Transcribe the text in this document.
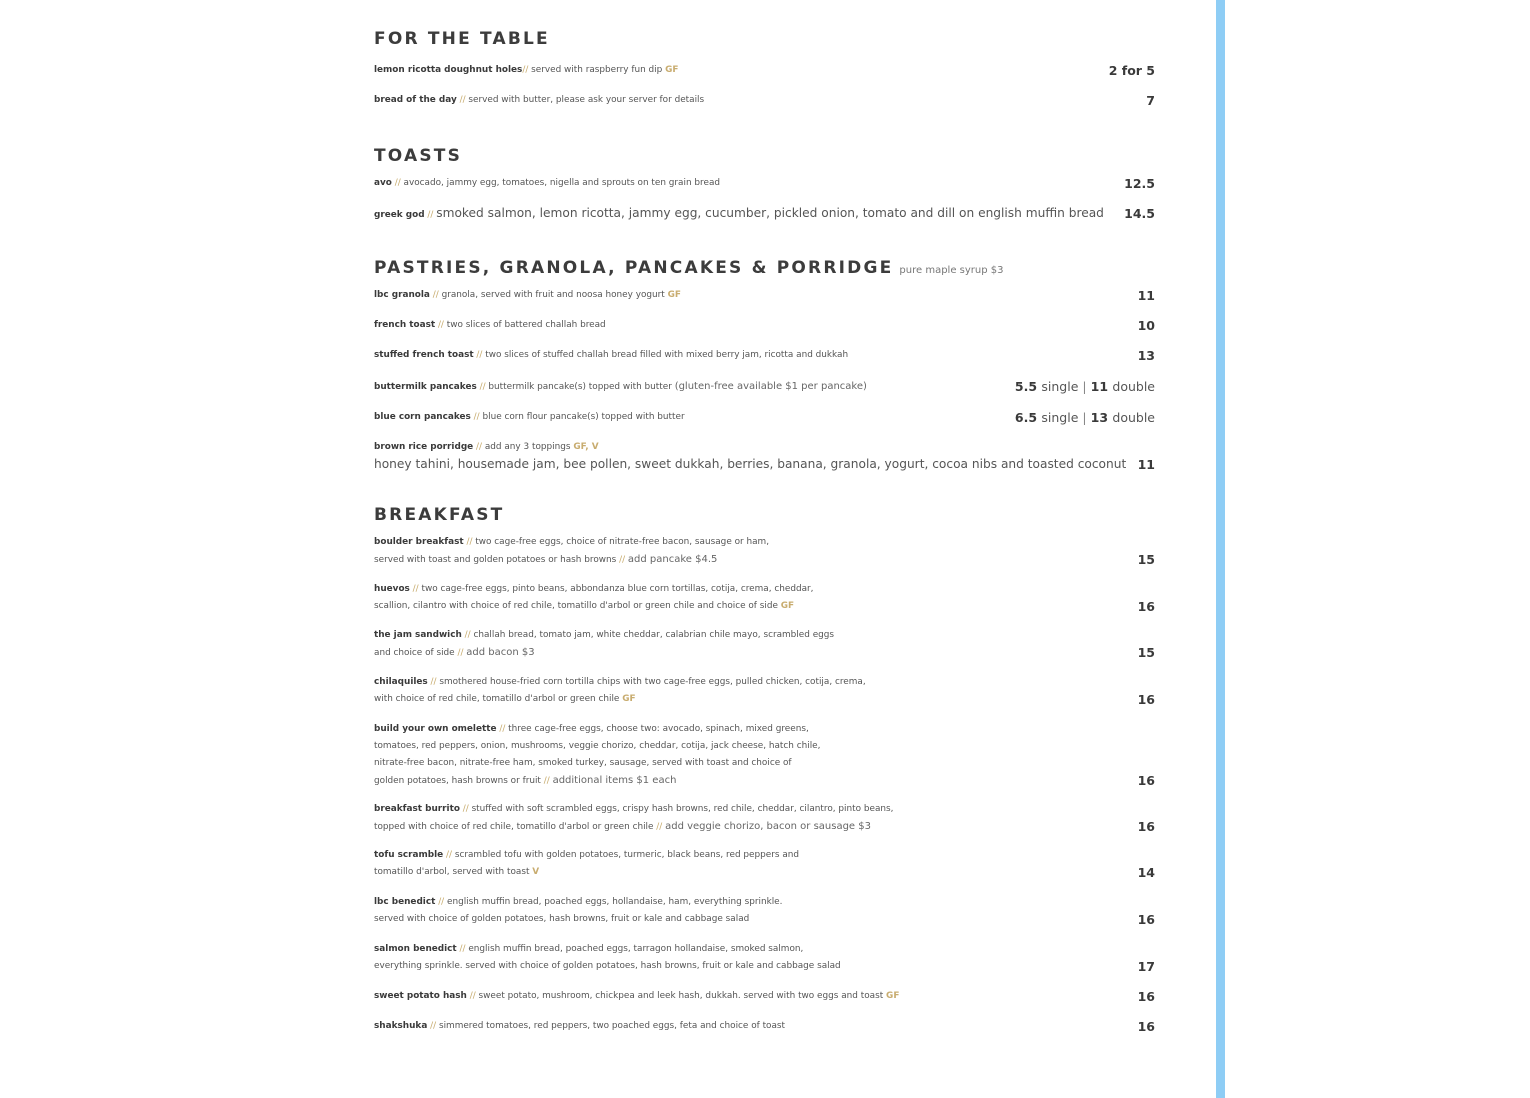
FOR THE TABLE
lemon ricotta doughnut holes// served with raspberry fun dip GF	2 for 5
bread of the day // served with butter, please ask your server for details	7
TOASTS
avo // avocado, jammy egg, tomatoes, nigella and sprouts on ten grain bread	12.5
greek god // smoked salmon, lemon ricotta, jammy egg, cucumber, pickled onion, tomato and dill on english muffin bread	14.5
PASTRIES, GRANOLA, PANCAKES & PORRIDGE pure maple syrup $3
lbc granola // granola, served with fruit and noosa honey yogurt GF	11
french toast // two slices of battered challah bread	10
stuffed french toast // two slices of stuffed challah bread filled with mixed berry jam, ricotta and dukkah	13
buttermilk pancakes // buttermilk pancake(s) topped with butter (gluten-free available $1 per pancake)	5.5 single | 11 double
blue corn pancakes // blue corn flour pancake(s) topped with butter	6.5 single | 13 double
brown rice porridge // add any 3 toppings GF, V
honey tahini, housemade jam, bee pollen, sweet dukkah, berries, banana, granola, yogurt, cocoa nibs and toasted coconut 11
BREAKFAST
boulder breakfast // two cage-free eggs, choice of nitrate-free bacon, sausage or ham,
served with toast and golden potatoes or hash browns // add pancake $4.5	15
huevos // two cage-free eggs, pinto beans, abbondanza blue corn tortillas, cotija, crema, cheddar,
scallion, cilantro with choice of red chile, tomatillo d'arbol or green chile and choice of side GF	16
the jam sandwich // challah bread, tomato jam, white cheddar, calabrian chile mayo, scrambled eggs
and choice of side // add bacon $3	15
chilaquiles // smothered house-fried corn tortilla chips with two cage-free eggs, pulled chicken, cotija, crema,
with choice of red chile, tomatillo d'arbol or green chile GF	16
build your own omelette // three cage-free eggs, choose two: avocado, spinach, mixed greens,
tomatoes, red peppers, onion, mushrooms, veggie chorizo, cheddar, cotija, jack cheese, hatch chile,
nitrate-free bacon, nitrate-free ham, smoked turkey, sausage, served with toast and choice of
golden potatoes, hash browns or fruit // additional items $1 each	16
breakfast burrito // stuffed with soft scrambled eggs, crispy hash browns, red chile, cheddar, cilantro, pinto beans,
topped with choice of red chile, tomatillo d'arbol or green chile // add veggie chorizo, bacon or sausage $3	16
tofu scramble // scrambled tofu with golden potatoes, turmeric, black beans, red peppers and
tomatillo d'arbol, served with toast V	14
lbc benedict // english muffin bread, poached eggs, hollandaise, ham, everything sprinkle.
served with choice of golden potatoes, hash browns, fruit or kale and cabbage salad	16
salmon benedict // english muffin bread, poached eggs, tarragon hollandaise, smoked salmon,
everything sprinkle. served with choice of golden potatoes, hash browns, fruit or kale and cabbage salad	17
sweet potato hash // sweet potato, mushroom, chickpea and leek hash, dukkah. served with two eggs and toast GF	16
shakshuka // simmered tomatoes, red peppers, two poached eggs, feta and choice of toast	16
